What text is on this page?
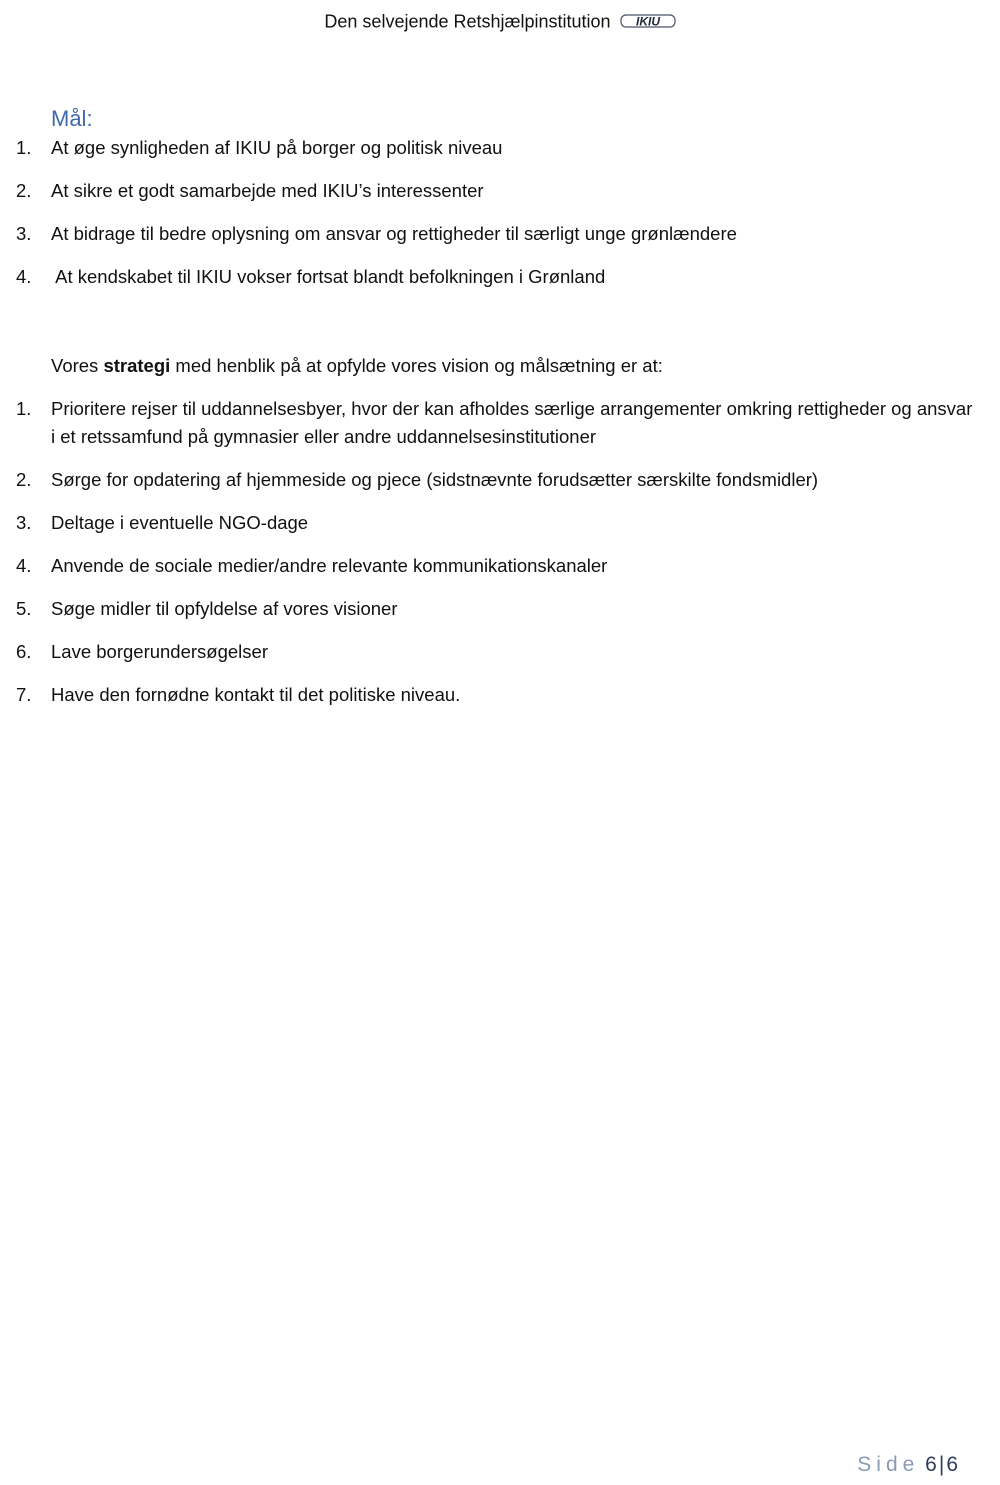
Den selvejende Retshjælpinstitution IKIU
Mål:
1. At øge synligheden af IKIU på borger og politisk niveau
2. At sikre et godt samarbejde med IKIU’s interessenter
3. At bidrage til bedre oplysning om ansvar og rettigheder til særligt unge grønlændere
4. At kendskabet til IKIU vokser fortsat blandt befolkningen i Grønland
Vores strategi med henblik på at opfylde vores vision og målsætning er at:
1. Prioritere rejser til uddannelsesbyer, hvor der kan afholdes særlige arrangementer omkring rettigheder og ansvar i et retssamfund på gymnasier eller andre uddannelsesinstitutioner
2. Sørge for opdatering af hjemmeside og pjece (sidstnævnte forudsætter særskilte fondsmidler)
3. Deltage i eventuelle NGO-dage
4. Anvende de sociale medier/andre relevante kommunikationskanaler
5. Søge midler til opfyldelse af vores visioner
6. Lave borgerundersøgelser
7. Have den fornødne kontakt til det politiske niveau.
Side 6|6
